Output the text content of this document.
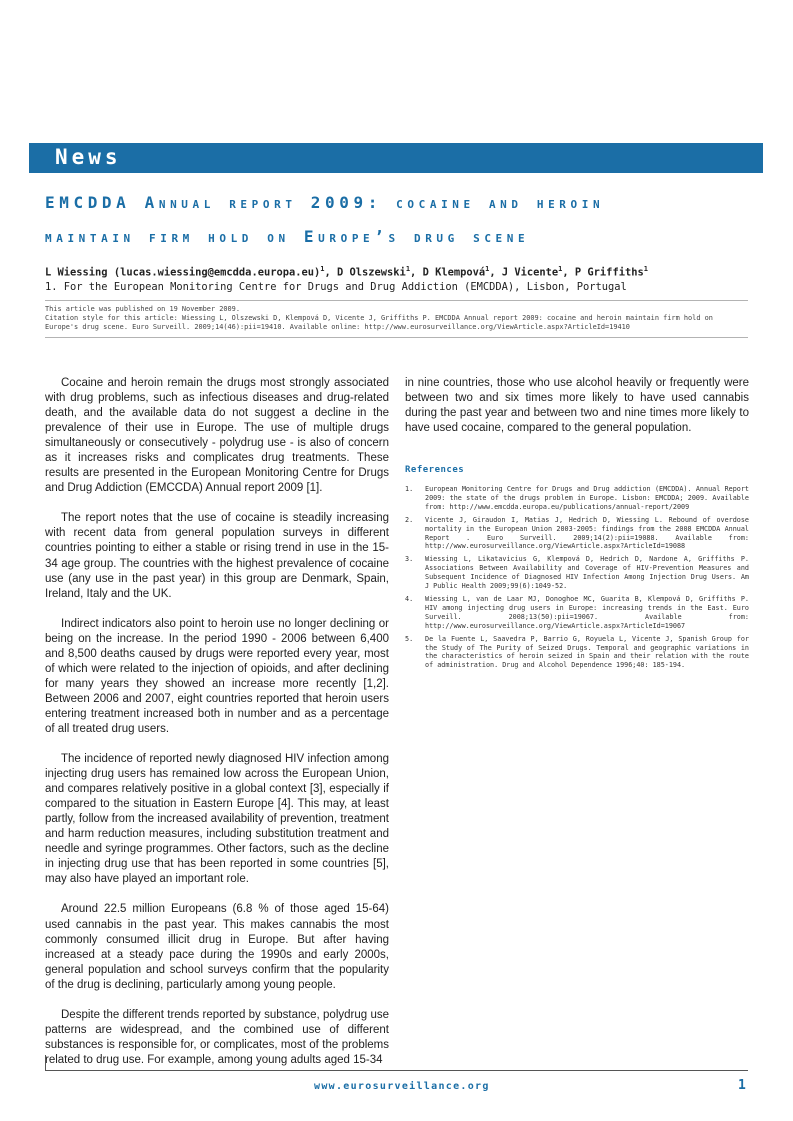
News
EMCDDA Annual report 2009: cocaine and heroin
maintain firm hold on Europe’s drug scene
L Wiessing (lucas.wiessing@emcdda.europa.eu)$^1$, D Olszewski$^1$, D Klempová$^1$, J Vicente$^1$, P Griffiths$^1$
1. For the European Monitoring Centre for Drugs and Drug Addiction (EMCDDA), Lisbon, Portugal

This article was published on 19 November 2009.

Citation style for this article: Wiessing L, Olszewski D, Klempová D, Vicente J, Griffiths P. EMCDDA Annual report 2009: cocaine and heroin maintain firm hold on Europe's drug scene. Euro Surveill. 2009;14(46):pii=19410. Available online: http://www.eurosurveillance.org/ViewArticle.aspx?ArticleId=19410

Cocaine and heroin remain the drugs most strongly associated with drug problems, such as infectious diseases and drug-related death, and the available data do not suggest a decline in the prevalence of their use in Europe. The use of multiple drugs simultaneously or consecutively - polydrug use - is also of concern as it increases risks and complicates drug treatments. These results are presented in the European Monitoring Centre for Drugs and Drug Addiction (EMCCDA) Annual report 2009 [1].

The report notes that the use of cocaine is steadily increasing with recent data from general population surveys in different countries pointing to either a stable or rising trend in use in the 15-34 age group. The countries with the highest prevalence of cocaine use (any use in the past year) in this group are Denmark, Spain, Ireland, Italy and the UK.

Indirect indicators also point to heroin use no longer declining or being on the increase. In the period 1990 - 2006 between 6,400 and 8,500 deaths caused by drugs were reported every year, most of which were related to the injection of opioids, and after declining for many years they showed an increase more recently [1,2]. Between 2006 and 2007, eight countries reported that heroin users entering treatment increased both in number and as a percentage of all treated drug users.

The incidence of reported newly diagnosed HIV infection among injecting drug users has remained low across the European Union, and compares relatively positive in a global context [3], especially if compared to the situation in Eastern Europe [4]. This may, at least partly, follow from the increased availability of prevention, treatment and harm reduction measures, including substitution treatment and needle and syringe programmes. Other factors, such as the decline in injecting drug use that has been reported in some countries [5], may also have played an important role.

Around 22.5 million Europeans (6.8 % of those aged 15-64) used cannabis in the past year. This makes cannabis the most commonly consumed illicit drug in Europe. But after having increased at a steady pace during the 1990s and early 2000s, general population and school surveys confirm that the popularity of the drug is declining, particularly among young people.

Despite the different trends reported by substance, polydrug use patterns are widespread, and the combined use of different substances is responsible for, or complicates, most of the problems related to drug use. For example, among young adults aged 15-34

in nine countries, those who use alcohol heavily or frequently were between two and six times more likely to have used cannabis during the past year and between two and nine times more likely to have used cocaine, compared to the general population.

References
1. European Monitoring Centre for Drugs and Drug addiction (EMCDDA). Annual Report 2009: the state of the drugs problem in Europe. Lisbon: EMCDDA; 2009. Available from: http://www.emcdda.europa.eu/publications/annual-report/2009
2. Vicente J, Giraudon I, Matias J, Hedrich D, Wiessing L. Rebound of overdose mortality in the European Union 2003-2005: findings from the 2008 EMCDDA Annual Report . Euro Surveill. 2009;14(2):pii=19088. Available from: http://www.eurosurveillance.org/ViewArticle.aspx?ArticleId=19088
3. Wiessing L, Likatavicius G, Klempová D, Hedrich D, Nardone A, Griffiths P. Associations Between Availability and Coverage of HIV-Prevention Measures and Subsequent Incidence of Diagnosed HIV Infection Among Injection Drug Users. Am J Public Health 2009;99(6):1049-52.
4. Wiessing L, van de Laar MJ, Donoghoe MC, Guarita B, Klempová D, Griffiths P. HIV among injecting drug users in Europe: increasing trends in the East. Euro Surveill. 2008;13(50):pii=19067. Available from: http://www.eurosurveillance.org/ViewArticle.aspx?ArticleId=19067
5. De la Fuente L, Saavedra P, Barrio G, Royuela L, Vicente J, Spanish Group for the Study of The Purity of Seized Drugs. Temporal and geographic variations in the characteristics of heroin seized in Spain and their relation with the route of administration. Drug and Alcohol Dependence 1996;40: 185-194.
www.eurosurveillance.org	1
